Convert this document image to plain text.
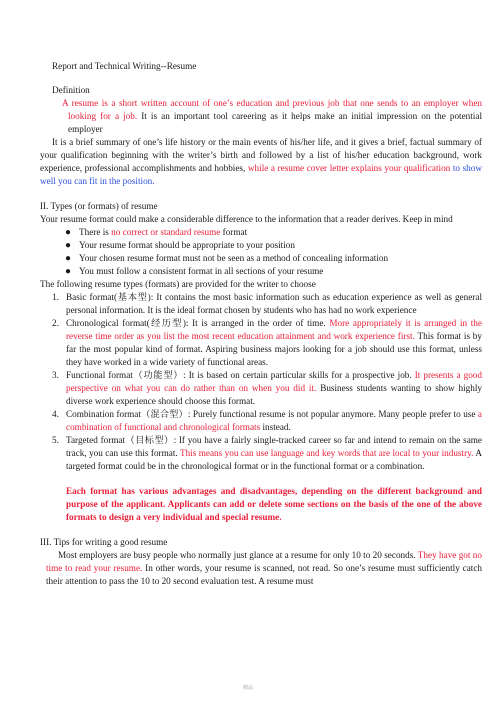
Report and Technical Writing--Resume

Definition

A resume is a short written account of one’s education and previous job that one sends to an employer when looking for a job. It is an important tool careering as it helps make an initial impression on the potential employer

It is a brief summary of one’s life history or the main events of his/her life, and it gives a brief, factual summary of your qualification beginning with the writer’s birth and followed by a list of his/her education background, work experience, professional accomplishments and hobbies, while a resume cover letter explains your qualification to show well you can fit in the position.

II. Types (or formats) of resume

Your resume format could make a considerable difference to the information that a reader derives. Keep in mind

● There is no correct or standard resume format
● Your resume format should be appropriate to your position
● Your chosen resume format must not be seen as a method of concealing information
● You must follow a consistent format in all sections of your resume

The following resume types (formats) are provided for the writer to choose

1. Basic format(基本型): It contains the most basic information such as education experience as well as general personal information. It is the ideal format chosen by students who has had no work experience
2. Chronological format(经历型): It is arranged in the order of time. More appropriately it is arranged in the reverse time order as you list the most recent education attainment and work experience first. This format is by far the most popular kind of format. Aspiring business majors looking for a job should use this format, unless they have worked in a wide variety of functional areas.
3. Functional format（功能型）: It is based on certain particular skills for a prospective job. It presents a good perspective on what you can do rather than on when you did it. Business students wanting to show highly diverse work experience should choose this format.
4. Combination format（混合型）: Purely functional resume is not popular anymore. Many people prefer to use a combination of functional and chronological formats instead.
5. Targeted format（目标型）: If you have a fairly single-tracked career so far and intend to remain on the same track, you can use this format. This means you can use language and key words that are local to your industry. A targeted format could be in the chronological format or in the functional format or a combination.

Each format has various advantages and disadvantages, depending on the different background and purpose of the applicant. Applicants can add or delete some sections on the basis of the one of the above formats to design a very individual and special resume.

III. Tips for writing a good resume

Most employers are busy people who normally just glance at a resume for only 10 to 20 seconds. They have got no time to read your resume. In other words, your resume is scanned, not read. So one’s resume must sufficiently catch their attention to pass the 10 to 20 second evaluation test. A resume must

精品
